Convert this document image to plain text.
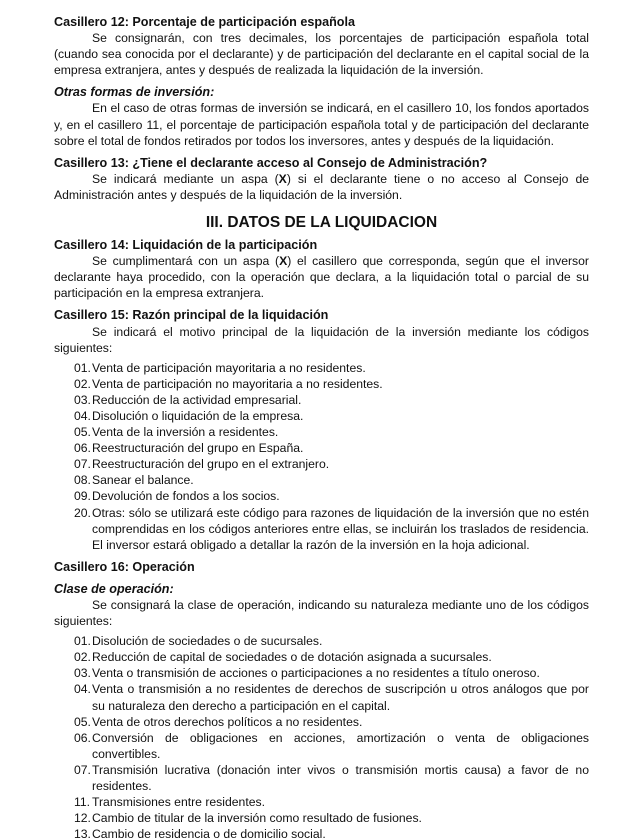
Casillero 12: Porcentaje de participación española

Se consignarán, con tres decimales, los porcentajes de participación española total (cuando sea conocida por el declarante) y de participación del declarante en el capital social de la empresa extranjera, antes y después de realizada la liquidación de la inversión.

Otras formas de inversión:

En el caso de otras formas de inversión se indicará, en el casillero 10, los fondos aportados y, en el casillero 11, el porcentaje de participación española total y de participación del declarante sobre el total de fondos retirados por todos los inversores, antes y después de la liquidación.

Casillero 13: ¿Tiene el declarante acceso al Consejo de Administración?

Se indicará mediante un aspa (X) si el declarante tiene o no acceso al Consejo de Administración antes y después de la liquidación de la inversión.

III. DATOS DE LA LIQUIDACION
Casillero 14: Liquidación de la participación

Se cumplimentará con un aspa (X) el casillero que corresponda, según que el inversor declarante haya procedido, con la operación que declara, a la liquidación total o parcial de su participación en la empresa extranjera.

Casillero 15: Razón principal de la liquidación

Se indicará el motivo principal de la liquidación de la inversión mediante los códigos siguientes:

01. Venta de participación mayoritaria a no residentes.
02. Venta de participación no mayoritaria a no residentes.
03. Reducción de la actividad empresarial.
04. Disolución o liquidación de la empresa.
05. Venta de la inversión a residentes.
06. Reestructuración del grupo en España.
07. Reestructuración del grupo en el extranjero.
08. Sanear el balance.
09. Devolución de fondos a los socios.
20. Otras: sólo se utilizará este código para razones de liquidación de la inversión que no estén comprendidas en los códigos anteriores entre ellas, se incluirán los traslados de residencia. El inversor estará obligado a detallar la razón de la inversión en la hoja adicional.
Casillero 16: Operación
Clase de operación:

Se consignará la clase de operación, indicando su naturaleza mediante uno de los códigos siguientes:

01. Disolución de sociedades o de sucursales.
02. Reducción de capital de sociedades o de dotación asignada a sucursales.
03. Venta o transmisión de acciones o participaciones a no residentes a título oneroso.
04. Venta o transmisión a no residentes de derechos de suscripción u otros análogos que por su naturaleza den derecho a participación en el capital.
05. Venta de otros derechos políticos a no residentes.
06. Conversión de obligaciones en acciones, amortización o venta de obligaciones convertibles.
07. Transmisión lucrativa (donación inter vivos o transmisión mortis causa) a favor de no residentes.
11. Transmisiones entre residentes.
12. Cambio de titular de la inversión como resultado de fusiones.
13. Cambio de residencia o de domicilio social.
